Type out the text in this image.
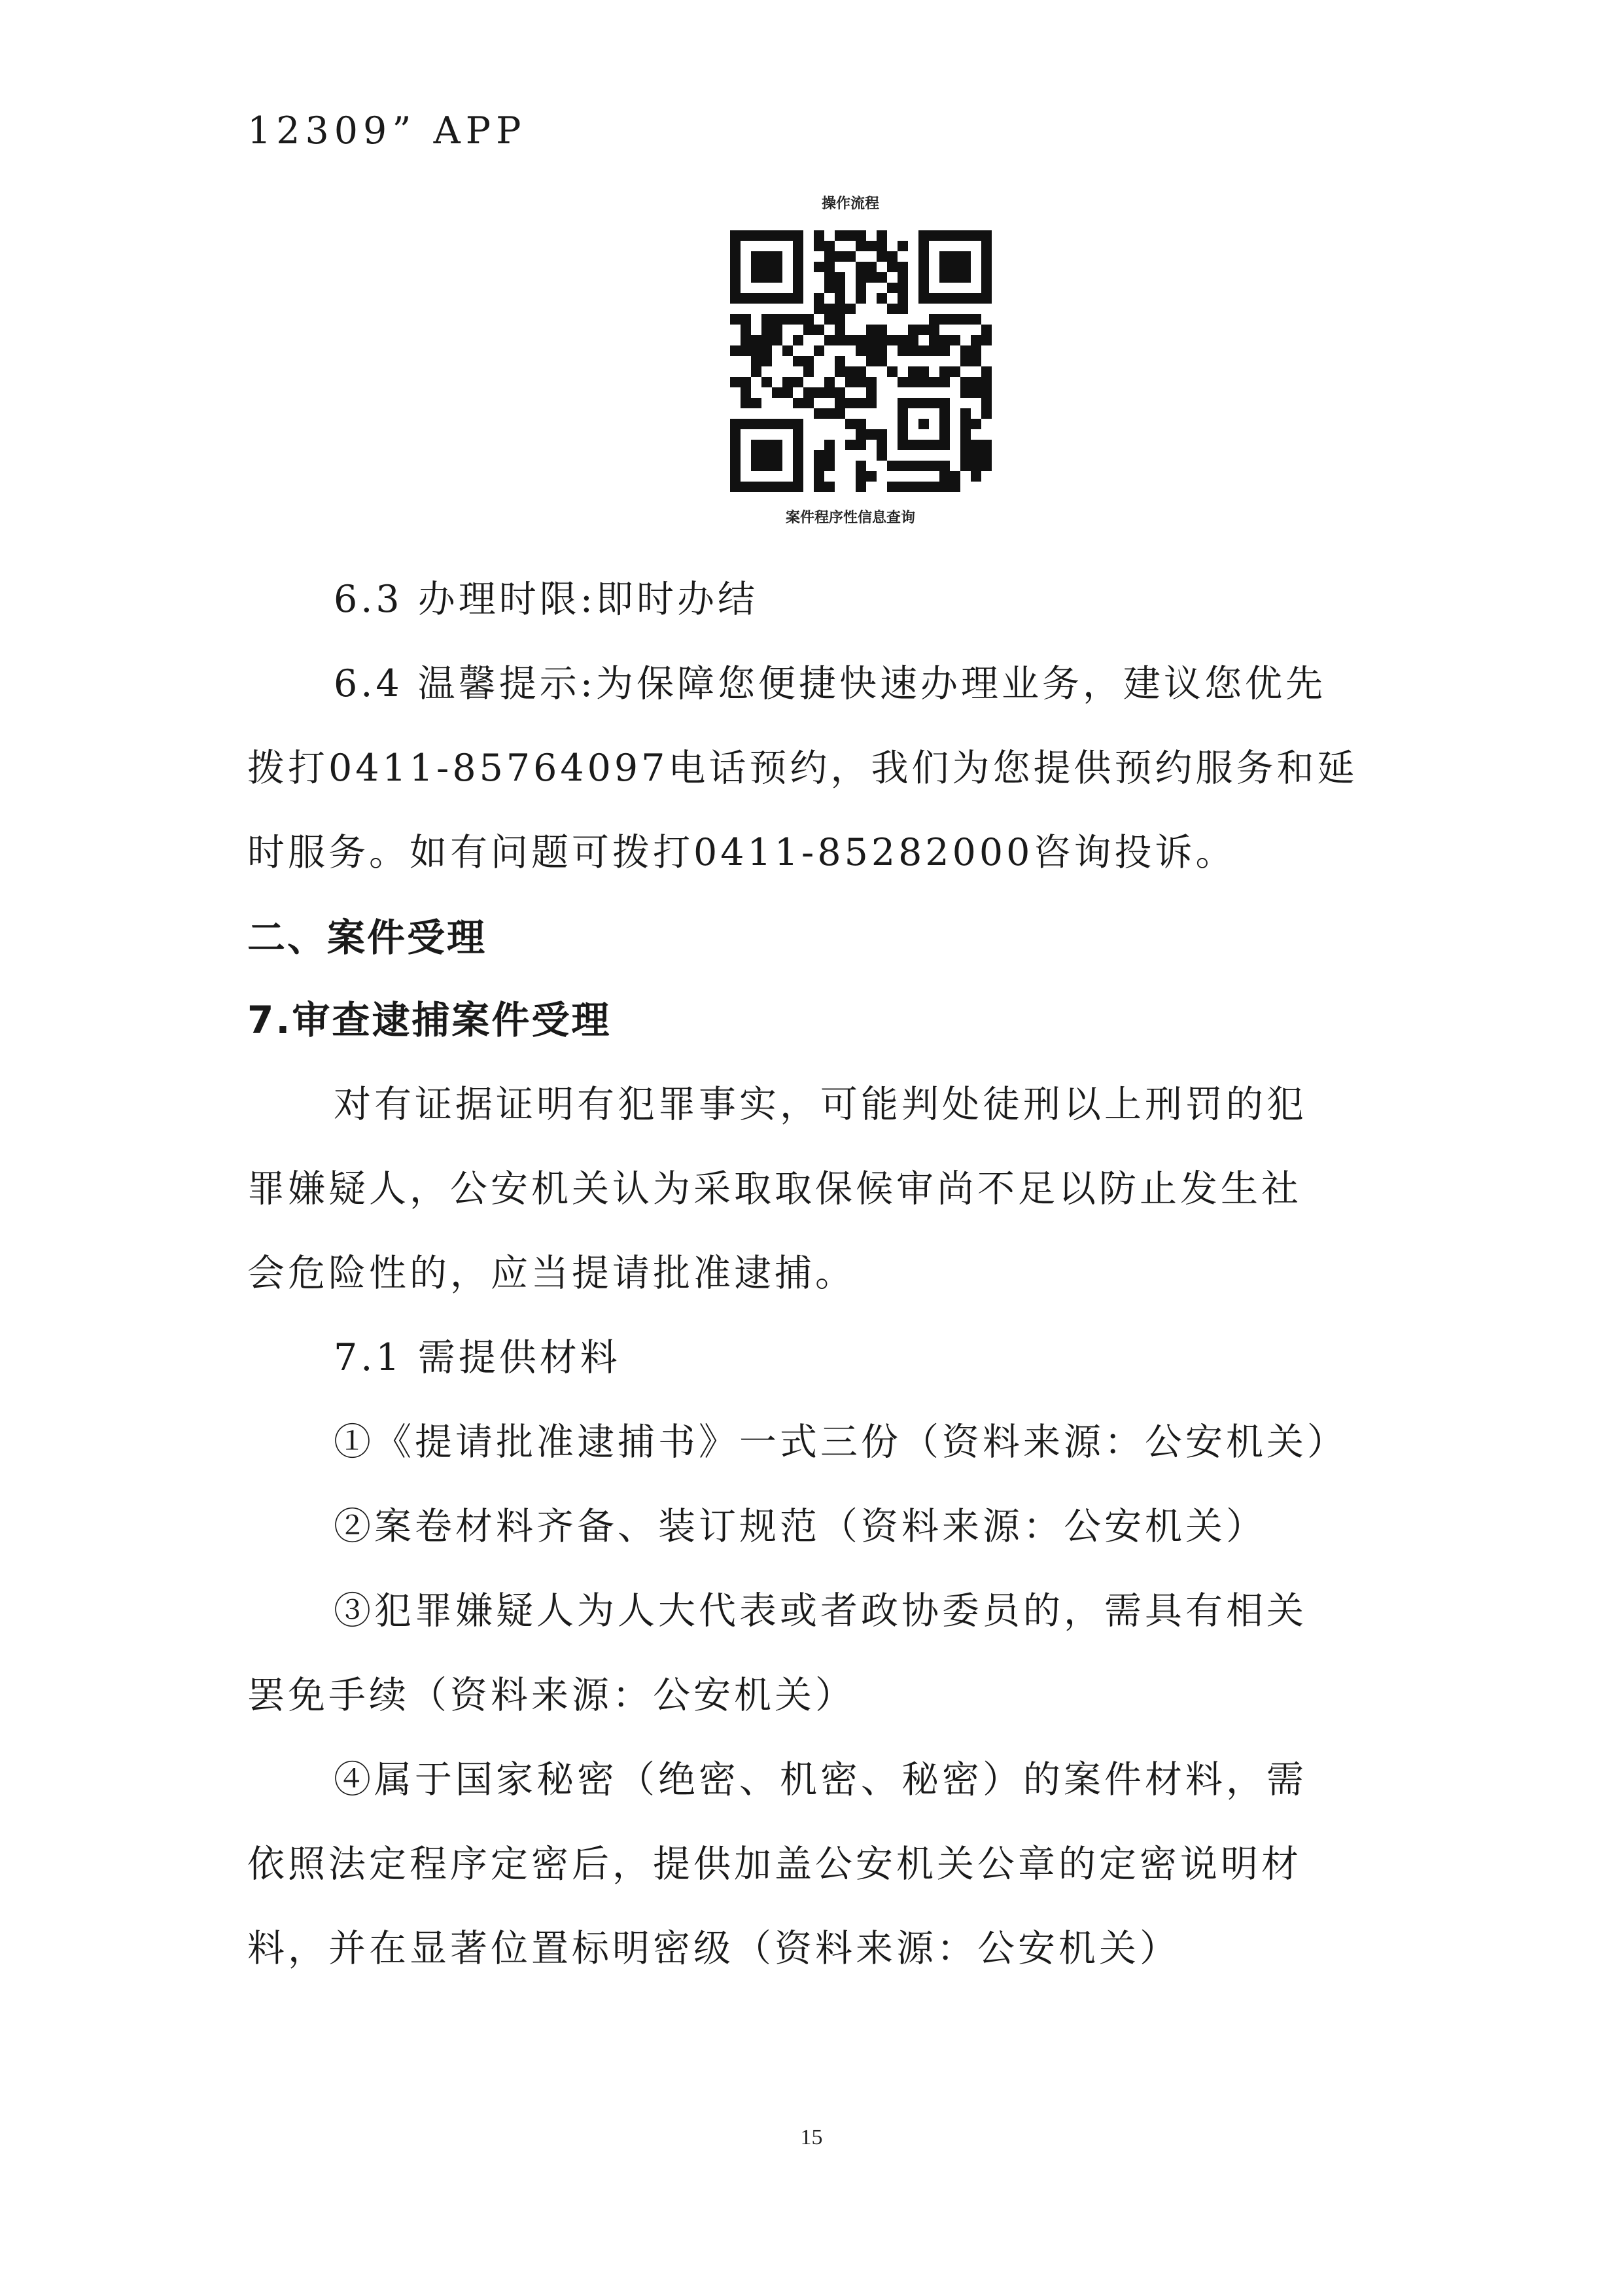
12309” APP
操作流程
案件程序性信息查询
6.3 办理时限:即时办结
6.4 温馨提示:为保障您便捷快速办理业务，建议您优先
拨打0411-85764097电话预约，我们为您提供预约服务和延
时服务。如有问题可拨打0411-85282000咨询投诉。
二、案件受理
7.审查逮捕案件受理
对有证据证明有犯罪事实，可能判处徒刑以上刑罚的犯
罪嫌疑人，公安机关认为采取取保候审尚不足以防止发生社
会危险性的，应当提请批准逮捕。
7.1 需提供材料
①《提请批准逮捕书》一式三份（资料来源：公安机关）
②案卷材料齐备、装订规范（资料来源：公安机关）
③犯罪嫌疑人为人大代表或者政协委员的，需具有相关
罢免手续（资料来源：公安机关）
④属于国家秘密（绝密、机密、秘密）的案件材料，需
依照法定程序定密后，提供加盖公安机关公章的定密说明材
料，并在显著位置标明密级（资料来源：公安机关）
15
